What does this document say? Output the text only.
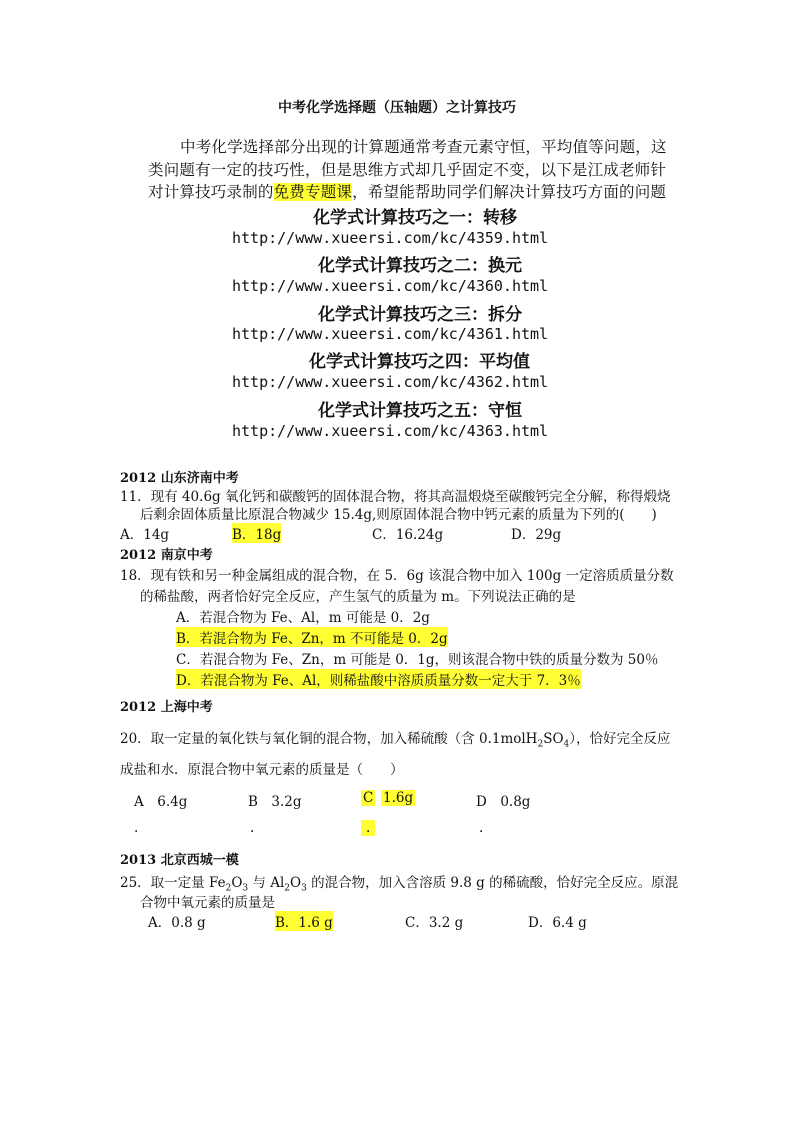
中考化学选择题（压轴题）之计算技巧
中考化学选择部分出现的计算题通常考查元素守恒，平均值等问题，这
类问题有一定的技巧性，但是思维方式却几乎固定不变，以下是江成老师针
对计算技巧录制的免费专题课，希望能帮助同学们解决计算技巧方面的问题
化学式计算技巧之一：转移
http://www.xueersi.com/kc/4359.html
化学式计算技巧之二：换元
http://www.xueersi.com/kc/4360.html
化学式计算技巧之三：拆分
http://www.xueersi.com/kc/4361.html
化学式计算技巧之四：平均值
http://www.xueersi.com/kc/4362.html
化学式计算技巧之五：守恒
http://www.xueersi.com/kc/4363.html
2012 山东济南中考
11．现有 40.6g 氧化钙和碳酸钙的固体混合物，将其高温煅烧至碳酸钙完全分解，称得煅烧
后剩余固体质量比原混合物减少 15.4g,则原固体混合物中钙元素的质量为下列的(　　)
A．14g	B．18g	C．16.24g	D．29g
2012 南京中考
18．现有铁和另一种金属组成的混合物，在 5．6g 该混合物中加入 100g 一定溶质质量分数
的稀盐酸，两者恰好完全反应，产生氢气的质量为 m。下列说法正确的是
A．若混合物为 Fe、Al，m 可能是 0．2g
B．若混合物为 Fe、Zn，m 不可能是 0．2g
C．若混合物为 Fe、Zn，m 可能是 0．1g，则该混合物中铁的质量分数为 50％
D．若混合物为 Fe、Al，则稀盐酸中溶质质量分数一定大于 7．3％
2012 上海中考
20．取一定量的氧化铁与氧化铜的混合物，加入稀硫酸（含 $0.1molH_2SO_4$），恰好完全反应
成盐和水．原混合物中氧元素的质量是（　　）
A　6.4g	B　3.2g	C 1.6g	D　0.8g
.	.	.	.
2013 北京西城一模
25．取一定量 $Fe_2O_3$ 与 $Al_2O_3$ 的混合物，加入含溶质 9.8 g 的稀硫酸，恰好完全反应。原混
合物中氧元素的质量是
A．0.8 g	B．1.6 g	C．3.2 g	D．6.4 g
